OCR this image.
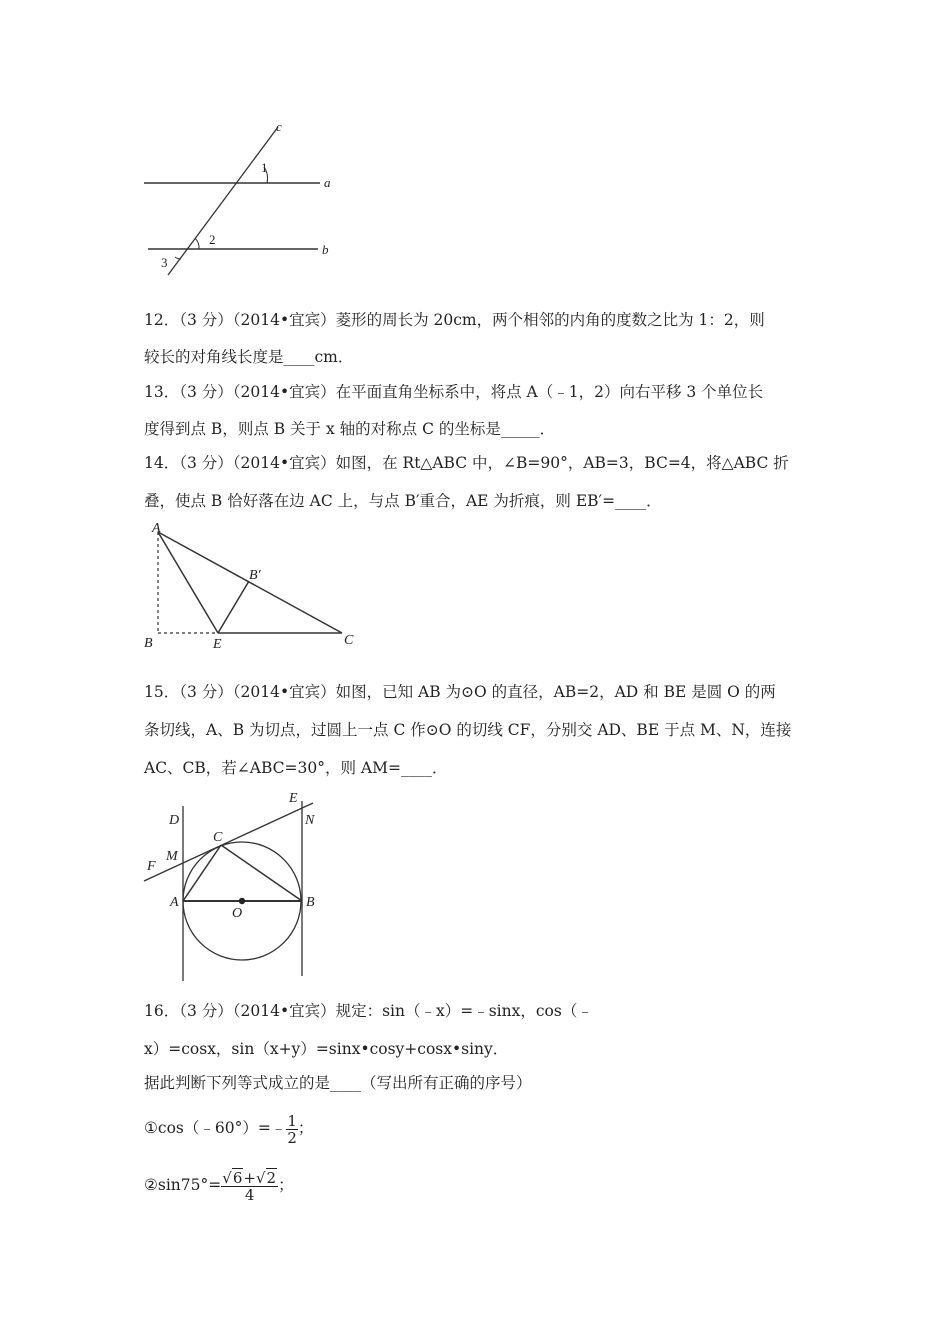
c
a
b
1
2
3
12．（3 分）（2014•宜宾）菱形的周长为 20cm，两个相邻的内角的度数之比为 1：2，则
较长的对角线长度是____cm．
13．（3 分）（2014•宜宾）在平面直角坐标系中，将点 A（﹣1，2）向右平移 3 个单位长
度得到点 B，则点 B 关于 x 轴的对称点 C 的坐标是_____．
14．（3 分）（2014•宜宾）如图，在 Rt△ABC 中，∠B=90°，AB=3，BC=4，将△ABC 折
叠，使点 B 恰好落在边 AC 上，与点 B′重合，AE 为折痕，则 EB′=____．
A
B	E	C
B′
15．（3 分）（2014•宜宾）如图，已知 AB 为⊙O 的直径，AB=2，AD 和 BE 是圆 O 的两
条切线，A、B 为切点，过圆上一点 C 作⊙O 的切线 CF，分别交 AD、BE 于点 M、N，连接
AC、CB，若∠ABC=30°，则 AM=____．
D
E
N
C
M
F
A
O
B
16．（3 分）（2014•宜宾）规定：sin（﹣x）=﹣sinx，cos（﹣
x）=cosx，sin（x+y）=sinx•cosy+cosx•siny．
据此判断下列等式成立的是____（写出所有正确的序号）
①cos（﹣60°）=﹣ $\frac{1}{2}$ ；
②sin75°= $\frac{√6+√2}{4}$ ；
